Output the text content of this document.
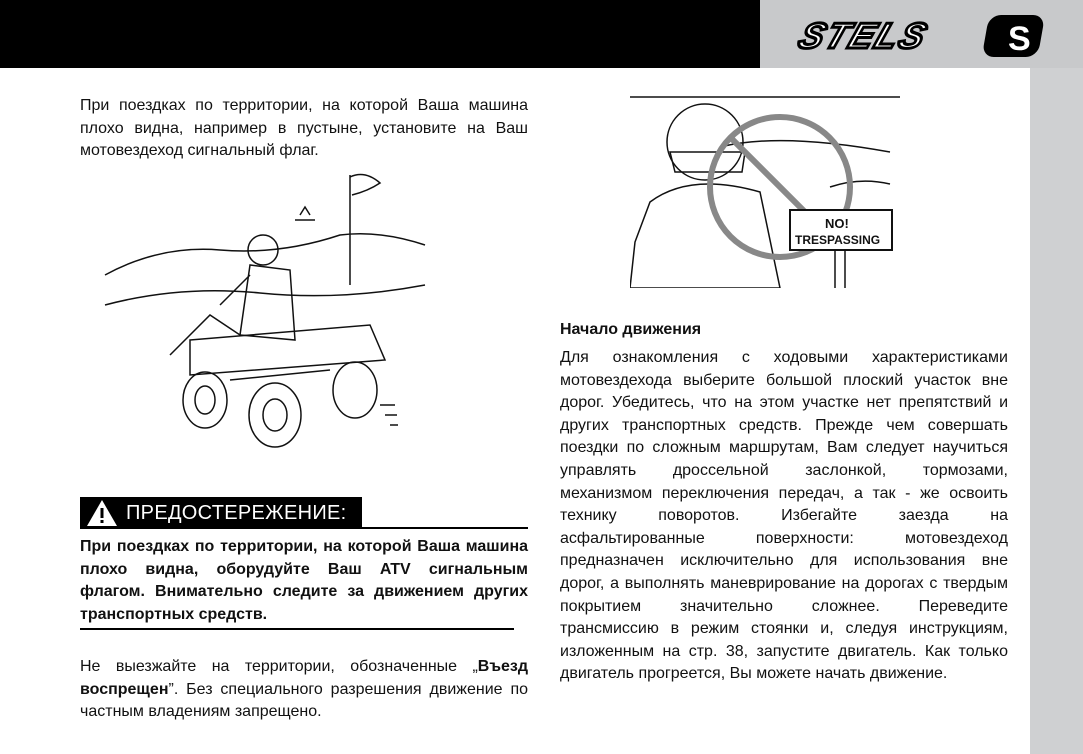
STELS S

При поездках по территории, на которой Ваша машина плохо видна, например в пустыне, установите на Ваш мотовездеход сигнальный флаг.

ПРЕДОСТЕРЕЖЕНИЕ:

При поездках по территории, на которой Ваша машина плохо видна, оборудуйте Ваш ATV сигнальным флагом. Внимательно следите за движением других транспортных средств.

Не выезжайте на территории, обозначенные „Въезд воспрещен”. Без специального разрешения движение по частным владениям запрещено.

NO!
TRESPASSING
Начало движения

Для ознакомления с ходовыми характеристиками мотовездехода выберите большой плоский участок вне дорог. Убедитесь, что на этом участке нет препятствий и других транспортных средств. Прежде чем совершать поездки по сложным маршрутам, Вам следует научиться управлять дроссельной заслонкой, тормозами, механизмом переключения передач, а так - же освоить технику поворотов. Избегайте заезда на асфальтированные поверхности: мотовездеход предназначен исключительно для использования вне дорог, а выполнять маневрирование на дорогах с твердым покрытием значительно сложнее. Переведите трансмиссию в режим стоянки и, следуя инструкциям, изложенным на стр. 38, запустите двигатель. Как только двигатель прогреется, Вы можете начать движение.
